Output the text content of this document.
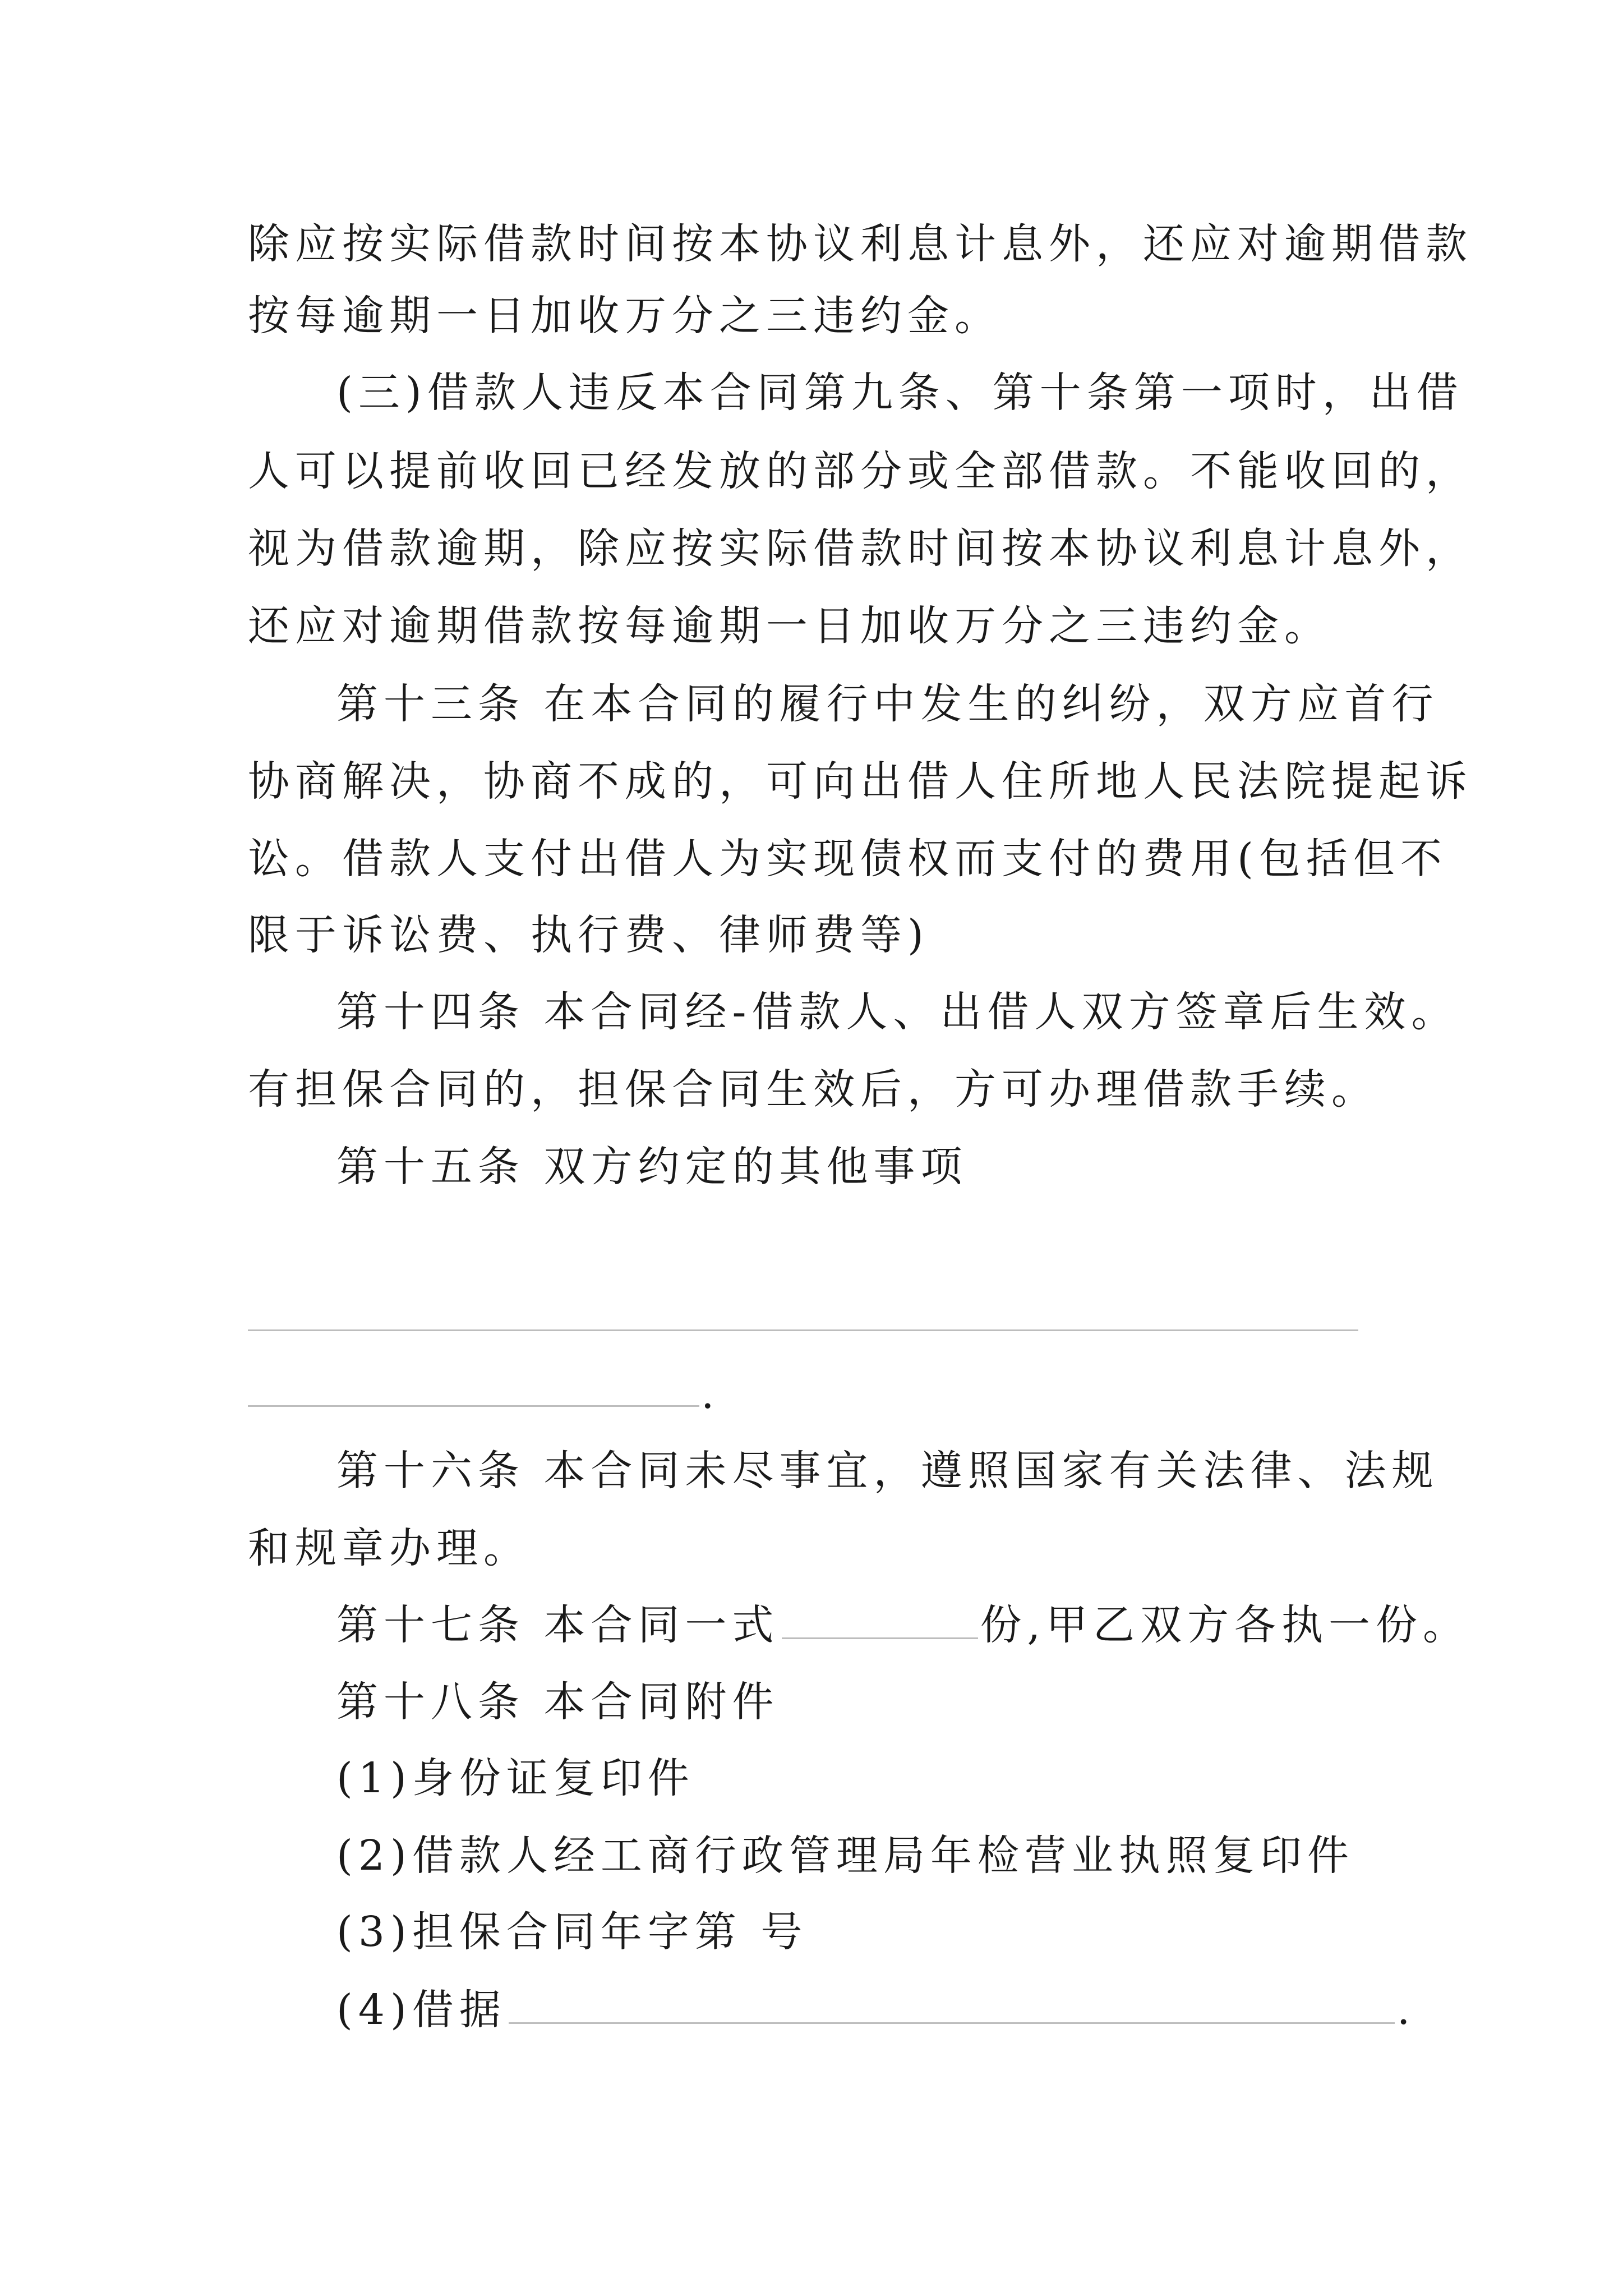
除应按实际借款时间按本协议利息计息外，还应对逾期借款
按每逾期一日加收万分之三违约金。
(三)借款人违反本合同第九条、第十条第一项时，出借
人可以提前收回已经发放的部分或全部借款。不能收回的，
视为借款逾期，除应按实际借款时间按本协议利息计息外，
还应对逾期借款按每逾期一日加收万分之三违约金。
第十三条 在本合同的履行中发生的纠纷，双方应首行
协商解决，协商不成的，可向出借人住所地人民法院提起诉
讼。借款人支付出借人为实现债权而支付的费用(包括但不
限于诉讼费、执行费、律师费等)
第十四条 本合同经-借款人、出借人双方签章后生效。
有担保合同的，担保合同生效后，方可办理借款手续。
第十五条 双方约定的其他事项
.
第十六条 本合同未尽事宜，遵照国家有关法律、法规
和规章办理。
第十七条 本合同一式	份,甲乙双方各执一份。
第十八条 本合同附件
(1)身份证复印件
(2)借款人经工商行政管理局年检营业执照复印件
(3)担保合同年字第 号
(4)借据	.
